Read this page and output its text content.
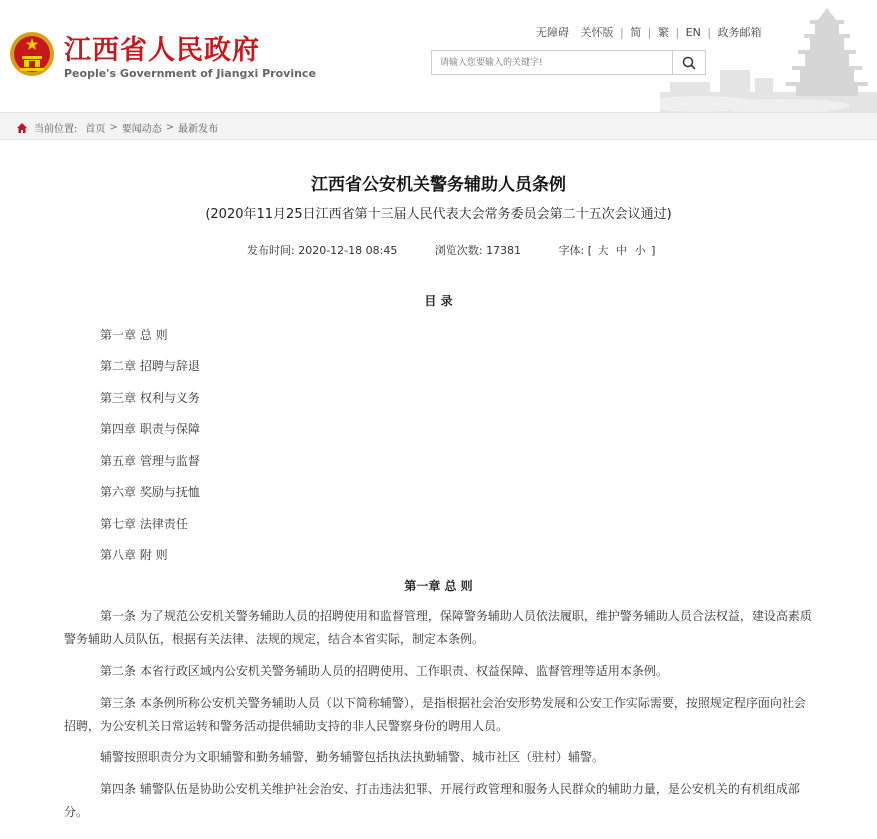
江西省人民政府
People's Government of Jiangxi Province
无障碍 关怀版 | 简 | 繁 | EN | 政务邮箱
请输入您要输入的关键字!
当前位置: 首页 > 要闻动态 > 最新发布
江西省公安机关警务辅助人员条例
(2020年11月25日江西省第十三届人民代表大会常务委员会第二十五次会议通过)
发布时间: 2020-12-18 08:45	浏览次数: 17381	字体: [ 大 中 小 ]
目 录
第一章 总 则
第二章 招聘与辞退
第三章 权利与义务
第四章 职责与保障
第五章 管理与监督
第六章 奖励与抚恤
第七章 法律责任
第八章 附 则
第一章 总 则
第一条 为了规范公安机关警务辅助人员的招聘使用和监督管理，保障警务辅助人员依法履职，维护警务辅助人员合法权益，建设高素质警务辅助人员队伍，根据有关法律、法规的规定，结合本省实际，制定本条例。
第二条 本省行政区域内公安机关警务辅助人员的招聘使用、工作职责、权益保障、监督管理等适用本条例。
第三条 本条例所称公安机关警务辅助人员（以下简称辅警），是指根据社会治安形势发展和公安工作实际需要，按照规定程序面向社会招聘，为公安机关日常运转和警务活动提供辅助支持的非人民警察身份的聘用人员。
辅警按照职责分为文职辅警和勤务辅警，勤务辅警包括执法执勤辅警、城市社区（驻村）辅警。
第四条 辅警队伍是协助公安机关维护社会治安、打击违法犯罪、开展行政管理和服务人民群众的辅助力量，是公安机关的有机组成部分。
